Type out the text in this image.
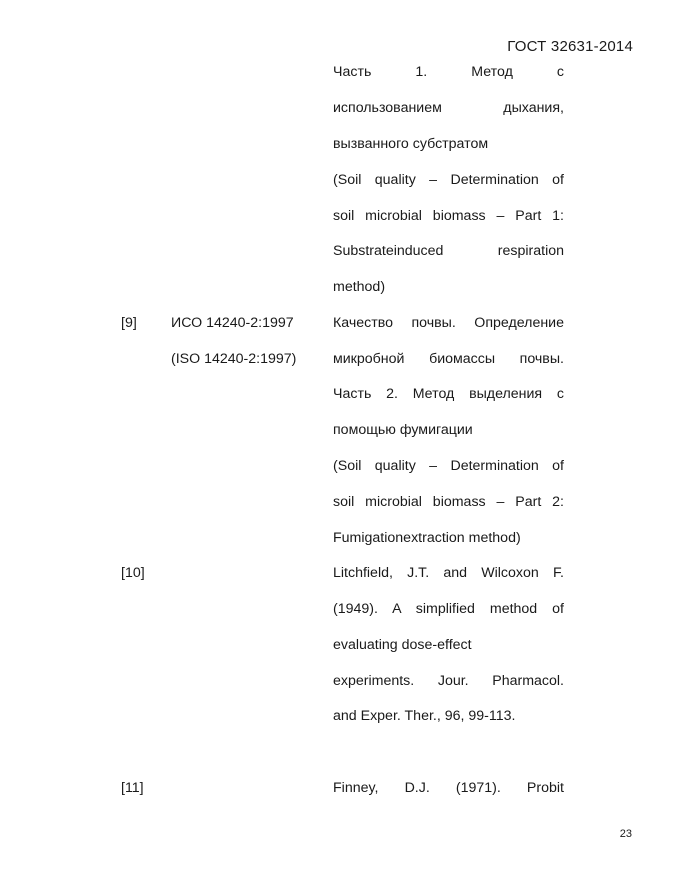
ГОСТ 32631-2014
Часть 1. Метод с
использованием дыхания,
вызванного субстратом
(Soil quality – Determination of
soil microbial biomass – Part 1:
Substrateinduced respiration
method)
[9] ИСО 14240-2:1997
(ISO 14240-2:1997)
Качество почвы. Определение
микробной биомассы почвы.
Часть 2. Метод выделения с
помощью фумигации
(Soil quality – Determination of
soil microbial biomass – Part 2:
Fumigationextraction method)
[10]	Litchfield, J.T. and Wilcoxon F.
(1949). A simplified method of
evaluating dose-effect
experiments. Jour. Pharmacol.
and Exper. Ther., 96, 99-113.
[11]	Finney, D.J. (1971). Probit
23
